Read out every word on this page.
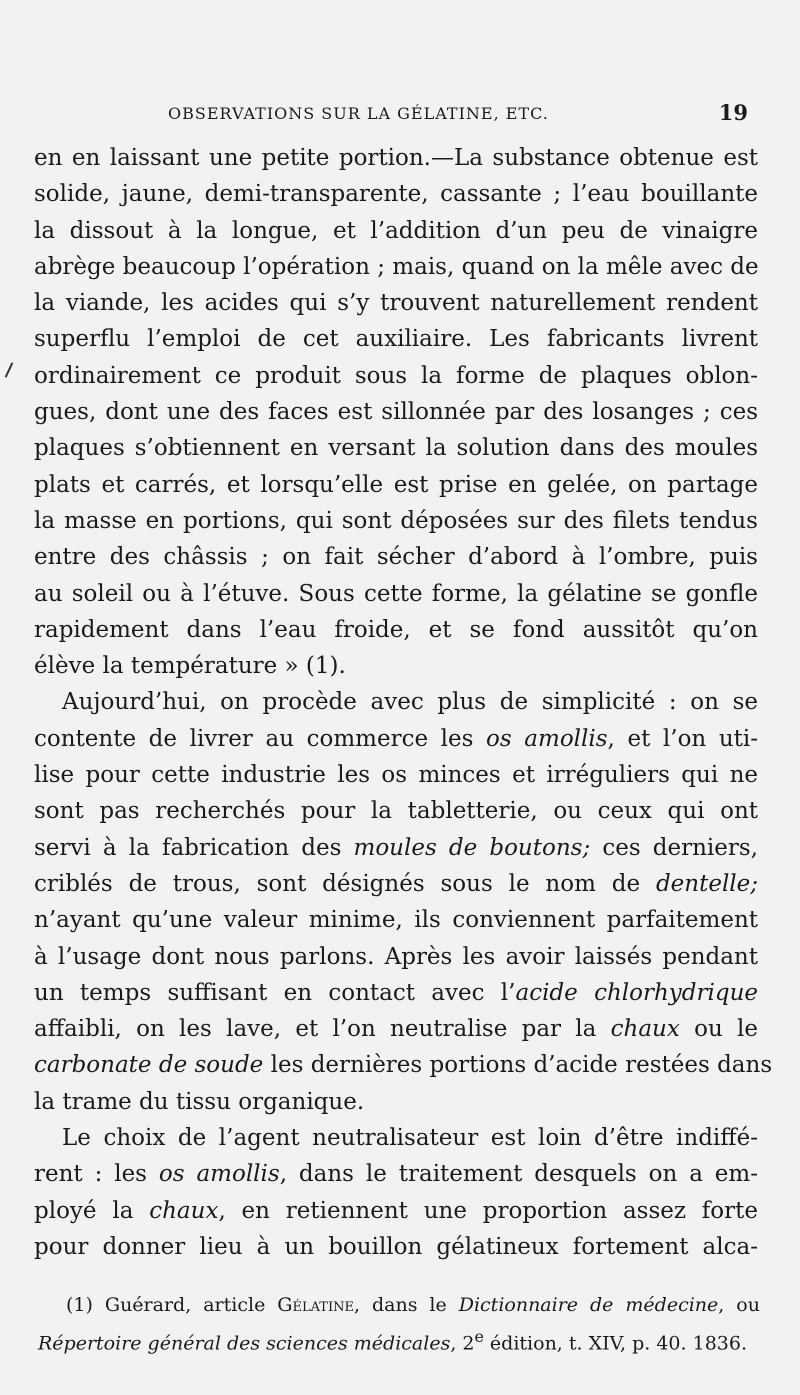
OBSERVATIONS SUR LA GÉLATINE, ETC.	19

en en laissant une petite portion.—La substance obtenue est
solide, jaune, demi-transparente, cassante ; l’eau bouillante
la dissout à la longue, et l’addition d’un peu de vinaigre
abrège beaucoup l’opération ; mais, quand on la mêle avec de
la viande, les acides qui s’y trouvent naturellement rendent
superflu l’emploi de cet auxiliaire. Les fabricants livrent
ordinairement ce produit sous la forme de plaques oblon-
gues, dont une des faces est sillonnée par des losanges ; ces
plaques s’obtiennent en versant la solution dans des moules
plats et carrés, et lorsqu’elle est prise en gelée, on partage
la masse en portions, qui sont déposées sur des filets tendus
entre des châssis ; on fait sécher d’abord à l’ombre, puis
au soleil ou à l’étuve. Sous cette forme, la gélatine se gonfle
rapidement dans l’eau froide, et se fond aussitôt qu’on
élève la température » (1).

Aujourd’hui, on procède avec plus de simplicité : on se
contente de livrer au commerce les os amollis, et l’on uti-
lise pour cette industrie les os minces et irréguliers qui ne
sont pas recherchés pour la tabletterie, ou ceux qui ont
servi à la fabrication des moules de boutons; ces derniers,
criblés de trous, sont désignés sous le nom de dentelle;
n’ayant qu’une valeur minime, ils conviennent parfaitement
à l’usage dont nous parlons. Après les avoir laissés pendant
un temps suffisant en contact avec l’acide chlorhydrique
affaibli, on les lave, et l’on neutralise par la chaux ou le
carbonate de soude les dernières portions d’acide restées dans
la trame du tissu organique.

Le choix de l’agent neutralisateur est loin d’être indiffé-
rent : les os amollis, dans le traitement desquels on a em-
ployé la chaux, en retiennent une proportion assez forte
pour donner lieu à un bouillon gélatineux fortement alca-

(1) Guérard, article Gélatine, dans le Dictionnaire de médecine, ou
Répertoire général des sciences médicales, 2e édition, t. XIV, p. 40. 1836.
